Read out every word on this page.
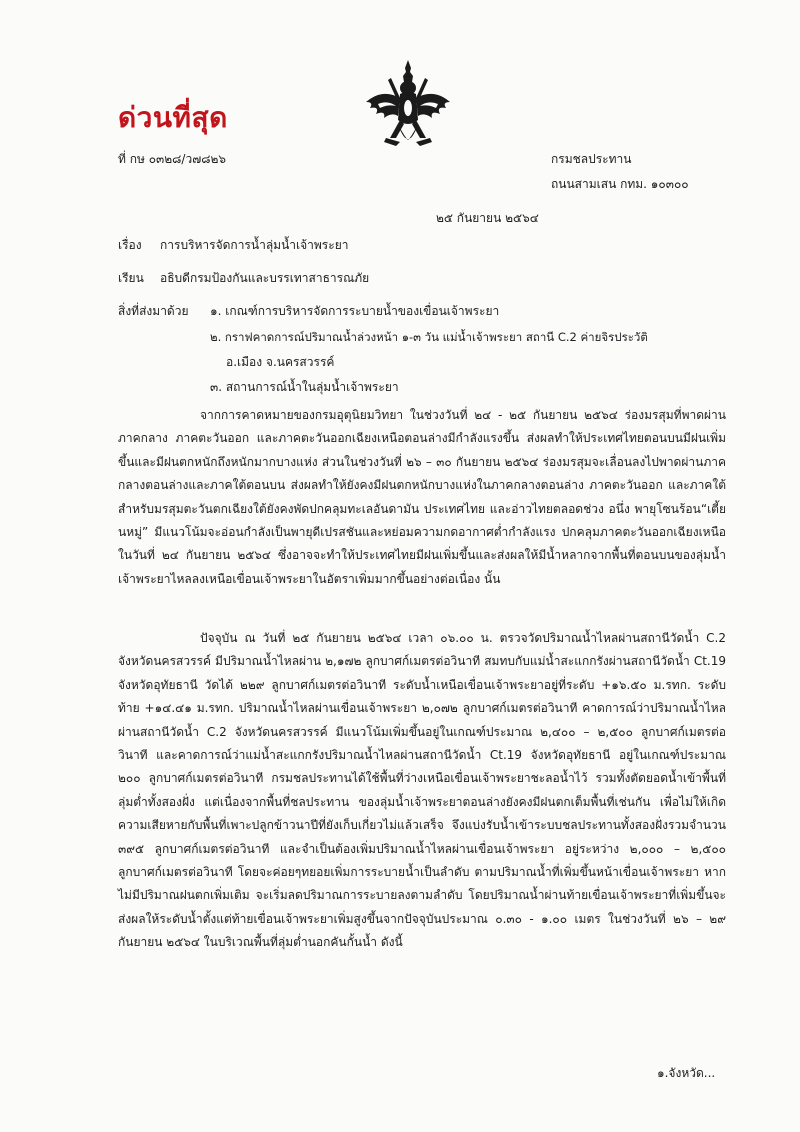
ด่วนที่สุด
ที่ กษ ๐๓๒๘/ว๗๘๒๖	กรมชลประทาน
ถนนสามเสน กทม. ๑๐๓๐๐
๒๕ กันยายน ๒๕๖๔
เรื่อง การบริหารจัดการน้ำลุ่มน้ำเจ้าพระยา
เรียน อธิบดีกรมป้องกันและบรรเทาสาธารณภัย
สิ่งที่ส่งมาด้วย ๑. เกณฑ์การบริหารจัดการระบายน้ำของเขื่อนเจ้าพระยา
๒. กราฟคาดการณ์ปริมาณน้ำล่วงหน้า ๑-๓ วัน แม่น้ำเจ้าพระยา สถานี C.2 ค่ายจิรประวัติ
อ.เมือง จ.นครสวรรค์
๓. สถานการณ์น้ำในลุ่มน้ำเจ้าพระยา

จากการคาดหมายของกรมอุตุนิยมวิทยา ในช่วงวันที่ ๒๔ - ๒๕ กันยายน ๒๕๖๔ ร่องมรสุมที่พาดผ่านภาคกลาง ภาคตะวันออก และภาคตะวันออกเฉียงเหนือตอนล่างมีกำลังแรงขึ้น ส่งผลทำให้ประเทศไทยตอนบนมีฝนเพิ่มขึ้นและมีฝนตกหนักถึงหนักมากบางแห่ง ส่วนในช่วงวันที่ ๒๖ – ๓๐ กันยายน ๒๕๖๔ ร่องมรสุมจะเลื่อนลงไปพาดผ่านภาคกลางตอนล่างและภาคใต้ตอนบน ส่งผลทำให้ยังคงมีฝนตกหนักบางแห่งในภาคกลางตอนล่าง ภาคตะวันออก และภาคใต้ สำหรับมรสุมตะวันตกเฉียงใต้ยังคงพัดปกคลุมทะเลอันดามัน ประเทศไทย และอ่าวไทยตลอดช่วง อนึ่ง พายุโซนร้อน“เตี้ยนหมู่” มีแนวโน้มจะอ่อนกำลังเป็นพายุดีเปรสชันและหย่อมความกดอากาศต่ำกำลังแรง ปกคลุมภาคตะวันออกเฉียงเหนือในวันที่ ๒๔ กันยายน ๒๕๖๔ ซึ่งอาจจะทำให้ประเทศไทยมีฝนเพิ่มขึ้นและส่งผลให้มีน้ำหลากจากพื้นที่ตอนบนของลุ่มน้ำเจ้าพระยาไหลลงเหนือเขื่อนเจ้าพระยาในอัตราเพิ่มมากขึ้นอย่างต่อเนื่อง นั้น

ปัจจุบัน ณ วันที่ ๒๕ กันยายน ๒๕๖๔ เวลา ๐๖.๐๐ น. ตรวจวัดปริมาณน้ำไหลผ่านสถานีวัดน้ำ C.2 จังหวัดนครสวรรค์ มีปริมาณน้ำไหลผ่าน ๒,๑๗๒ ลูกบาศก์เมตรต่อวินาที สมทบกับแม่น้ำสะแกกรังผ่านสถานีวัดน้ำ Ct.19 จังหวัดอุทัยธานี วัดได้ ๒๒๙ ลูกบาศก์เมตรต่อวินาที ระดับน้ำเหนือเขื่อนเจ้าพระยาอยู่ที่ระดับ +๑๖.๕๐ ม.รทก. ระดับท้าย +๑๔.๔๑ ม.รทก. ปริมาณน้ำไหลผ่านเขื่อนเจ้าพระยา ๒,๐๗๒ ลูกบาศก์เมตรต่อวินาที คาดการณ์ว่าปริมาณน้ำไหลผ่านสถานีวัดน้ำ C.2 จังหวัดนครสวรรค์ มีแนวโน้มเพิ่มขึ้นอยู่ในเกณฑ์ประมาณ ๒,๔๐๐ – ๒,๕๐๐ ลูกบาศก์เมตรต่อวินาที และคาดการณ์ว่าแม่น้ำสะแกกรังปริมาณน้ำไหลผ่านสถานีวัดน้ำ Ct.19 จังหวัดอุทัยธานี อยู่ในเกณฑ์ประมาณ ๒๐๐ ลูกบาศก์เมตรต่อวินาที กรมชลประทานได้ใช้พื้นที่ว่างเหนือเขื่อนเจ้าพระยาชะลอน้ำไว้ รวมทั้งตัดยอดน้ำเข้าพื้นที่ลุ่มต่ำทั้งสองฝั่ง แต่เนื่องจากพื้นที่ชลประทาน ของลุ่มน้ำเจ้าพระยาตอนล่างยังคงมีฝนตกเต็มพื้นที่เช่นกัน เพื่อไม่ให้เกิดความเสียหายกับพื้นที่เพาะปลูกข้าวนาปีที่ยังเก็บเกี่ยวไม่แล้วเสร็จ จึงแบ่งรับน้ำเข้าระบบชลประทานทั้งสองฝั่งรวมจำนวน ๓๙๕ ลูกบาศก์เมตรต่อวินาที และจำเป็นต้องเพิ่มปริมาณน้ำไหลผ่านเขื่อนเจ้าพระยา อยู่ระหว่าง ๒,๐๐๐ – ๒,๕๐๐ ลูกบาศก์เมตรต่อวินาที โดยจะค่อยๆทยอยเพิ่มการระบายน้ำเป็นลำดับ ตามปริมาณน้ำที่เพิ่มขึ้นหน้าเขื่อนเจ้าพระยา หากไม่มีปริมาณฝนตกเพิ่มเติม จะเริ่มลดปริมาณการระบายลงตามลำดับ โดยปริมาณน้ำผ่านท้ายเขื่อนเจ้าพระยาที่เพิ่มขึ้นจะส่งผลให้ระดับน้ำตั้งแต่ท้ายเขื่อนเจ้าพระยาเพิ่มสูงขึ้นจากปัจจุบันประมาณ ๐.๓๐ - ๑.๐๐ เมตร ในช่วงวันที่ ๒๖ – ๒๙ กันยายน ๒๕๖๔ ในบริเวณพื้นที่ลุ่มต่ำนอกคันกั้นน้ำ ดังนี้

๑.จังหวัด...
